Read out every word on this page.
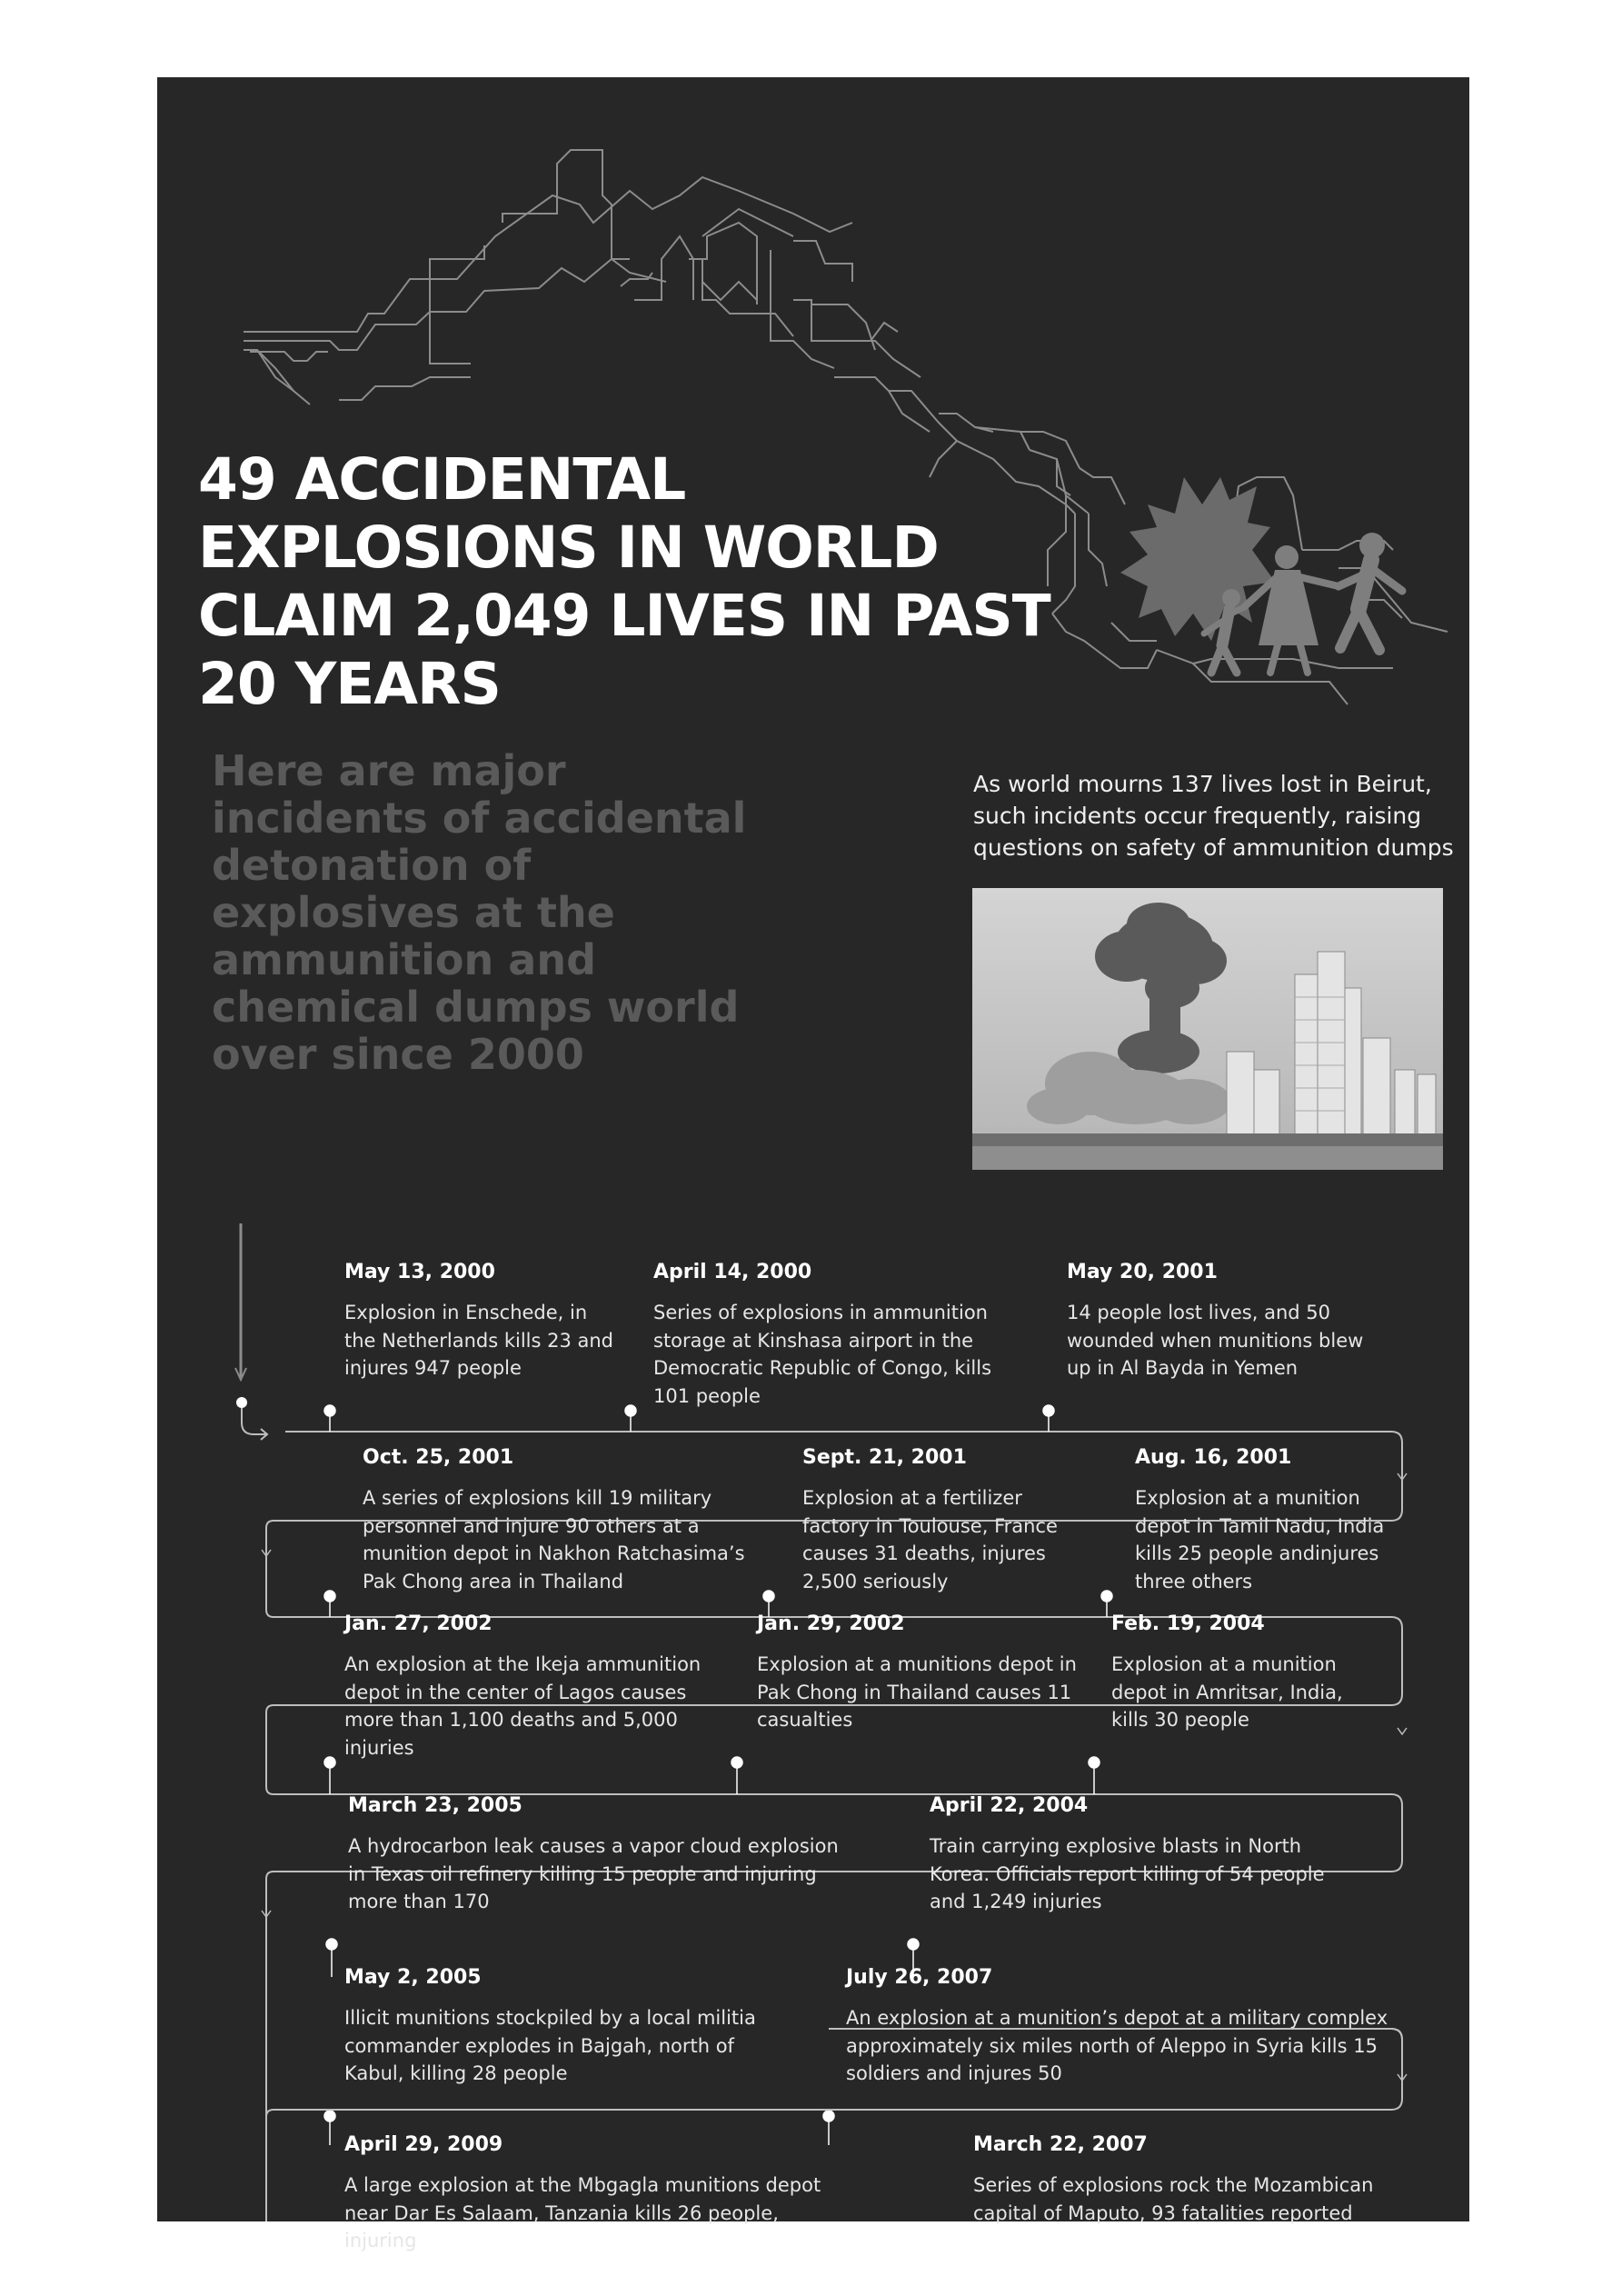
49 ACCIDENTAL EXPLOSIONS IN WORLD CLAIM 2,049 LIVES IN PAST 20 YEARS

Here are major incidents of accidental detonation of explosives at the ammunition and chemical dumps world over since 2000

As world mourns 137 lives lost in Beirut, such incidents occur frequently, raising questions on safety of ammunition dumps

May 13, 2000
Explosion in Enschede, in the Netherlands kills 23 and injures 947 people
April 14, 2000
Series of explosions in ammunition storage at Kinshasa airport in the Democratic Republic of Congo, kills 101 people
May 20, 2001
14 people lost lives, and 50 wounded when munitions blew up in Al Bayda in Yemen
Oct. 25, 2001
A series of explosions kill 19 military personnel and injure 90 others at a munition depot in Nakhon Ratchasima’s Pak Chong area in Thailand
Sept. 21, 2001
Explosion at a fertilizer factory in Toulouse, France causes 31 deaths, injures 2,500 seriously
Aug. 16, 2001
Explosion at a munition depot in Tamil Nadu, India kills 25 people andinjures three others
Jan. 27, 2002
An explosion at the Ikeja ammunition depot in the center of Lagos causes more than 1,100 deaths and 5,000 injuries
Jan. 29, 2002
Explosion at a munitions depot in Pak Chong in Thailand causes 11 casualties
Feb. 19, 2004
Explosion at a munition depot in Amritsar, India, kills 30 people
March 23, 2005
A hydrocarbon leak causes a vapor cloud explosion in Texas oil refinery killing 15 people and injuring more than 170
April 22, 2004
Train carrying explosive blasts in North Korea. Officials report killing of 54 people and 1,249 injuries
May 2, 2005
Illicit munitions stockpiled by a local militia commander explodes in Bajgah, north of Kabul, killing 28 people
July 26, 2007
An explosion at a munition’s depot at a military complex approximately six miles north of Aleppo in Syria kills 15 soldiers and injures 50
April 29, 2009
A large explosion at the Mbgagla munitions depot near Dar Es Salaam, Tanzania kills 26 people, injuring
March 22, 2007
Series of explosions rock the Mozambican capital of Maputo, 93 fatalities reported
